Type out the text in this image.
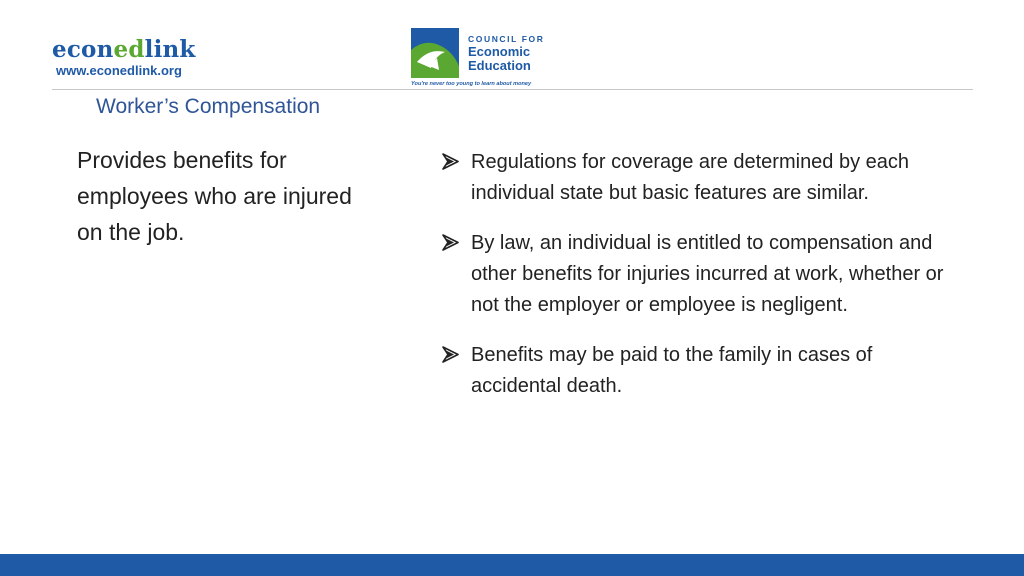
econedlink
www.econedlink.org
COUNCIL FOR
Economic
Education
You're never too young to learn about money
Worker’s Compensation

Provides benefits for employees who are injured on the job.

Regulations for coverage are determined by each individual state but basic features are similar.
By law, an individual is entitled to compensation and other benefits for injuries incurred at work, whether or not the employer or employee is negligent.
Benefits may be paid to the family in cases of accidental death.
